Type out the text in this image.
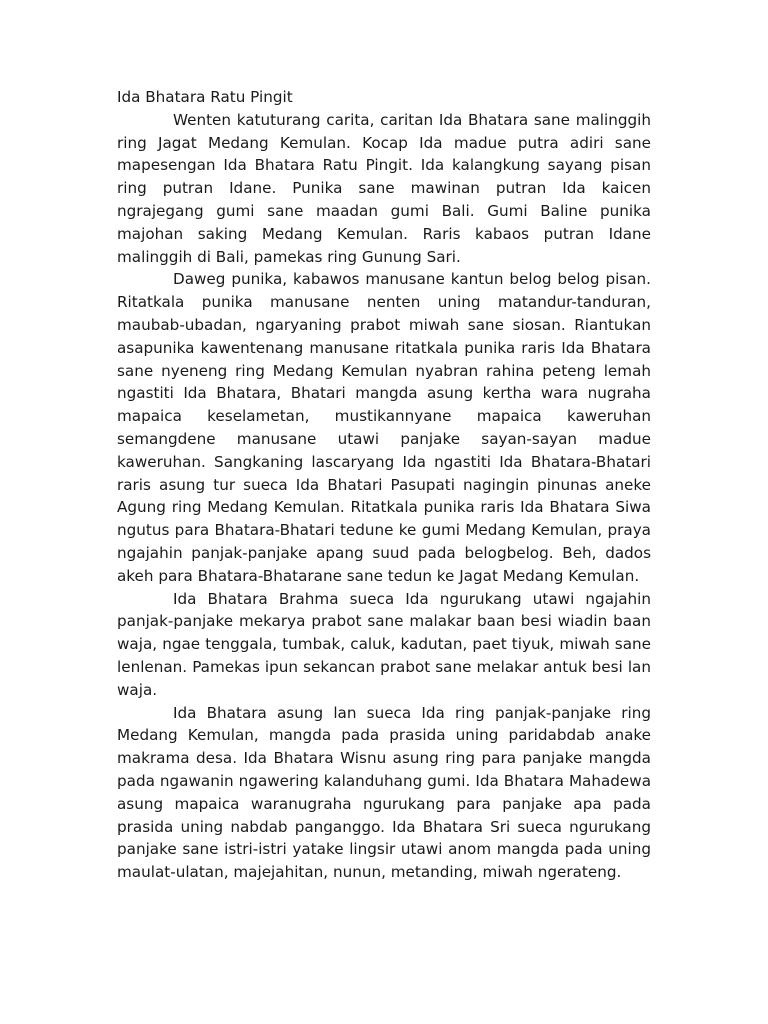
Ida Bhatara Ratu Pingit

Wenten katuturang carita, caritan Ida Bhatara sane malinggih ring Jagat Medang Kemulan. Kocap Ida madue putra adiri sane mapesengan Ida Bhatara Ratu Pingit. Ida kalangkung sayang pisan ring putran Idane. Punika sane mawinan putran Ida kaicen ngrajegang gumi sane maadan gumi Bali. Gumi Baline punika majohan saking Medang Kemulan. Raris kabaos putran Idane malinggih di Bali, pamekas ring Gunung Sari.

Daweg punika, kabawos manusane kantun belog belog pisan. Ritatkala punika manusane nenten uning matandur-tanduran, maubab-ubadan, ngaryaning prabot miwah sane siosan. Riantukan asapunika kawentenang manusane ritatkala punika raris Ida Bhatara sane nyeneng ring Medang Kemulan nyabran rahina peteng lemah ngastiti Ida Bhatara, Bhatari mangda asung kertha wara nugraha mapaica keselametan, mustikannyane mapaica kaweruhan semangdene manusane utawi panjake sayan-sayan madue kaweruhan. Sangkaning lascaryang Ida ngastiti Ida Bhatara-Bhatari raris asung tur sueca Ida Bhatari Pasupati nagingin pinunas aneke Agung ring Medang Kemulan. Ritatkala punika raris Ida Bhatara Siwa ngutus para Bhatara-Bhatari tedune ke gumi Medang Kemulan, praya ngajahin panjak-panjake apang suud pada belogbelog. Beh, dados akeh para Bhatara-Bhatarane sane tedun ke Jagat Medang Kemulan.

Ida Bhatara Brahma sueca Ida ngurukang utawi ngajahin panjak-panjake mekarya prabot sane malakar baan besi wiadin baan waja, ngae tenggala, tumbak, caluk, kadutan, paet tiyuk, miwah sane lenlenan. Pamekas ipun sekancan prabot sane melakar antuk besi lan waja.

Ida Bhatara asung lan sueca Ida ring panjak-panjake ring Medang Kemulan, mangda pada prasida uning paridabdab anake makrama desa. Ida Bhatara Wisnu asung ring para panjake mangda pada ngawanin ngawering kalanduhang gumi. Ida Bhatara Mahadewa asung mapaica waranugraha ngurukang para panjake apa pada prasida uning nabdab panganggo. Ida Bhatara Sri sueca ngurukang panjake sane istri-istri yatake lingsir utawi anom mangda pada uning maulat-ulatan, majejahitan, nunun, metanding, miwah ngerateng.
